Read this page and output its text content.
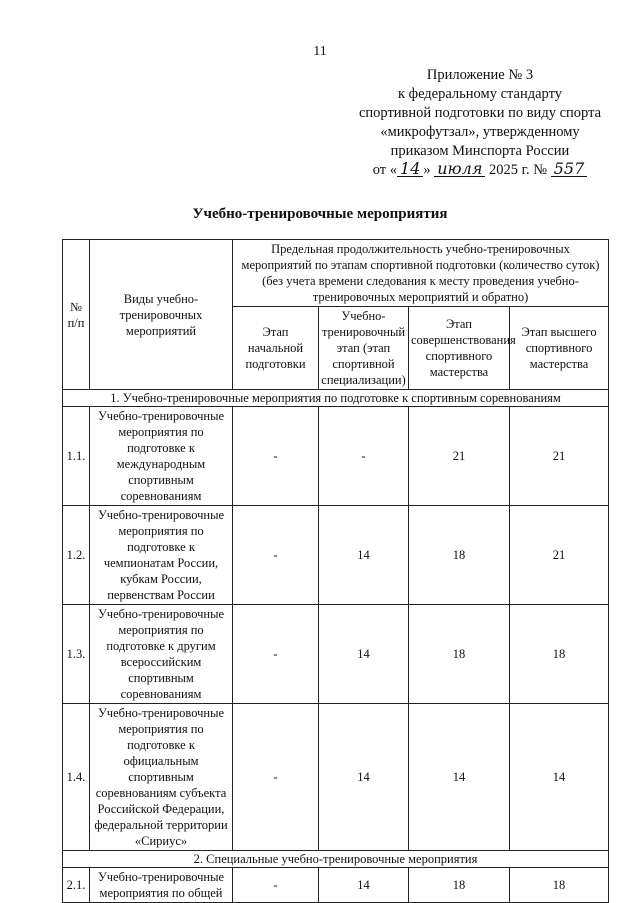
11
Приложение № 3
к федеральному стандарту
спортивной подготовки по виду спорта
«микрофутзал», утвержденному
приказом Минспорта России
от « 14 » июля 2025 г. № 557
Учебно-тренировочные мероприятия
№ п/п	Виды учебно-тренировочных мероприятий	Предельная продолжительность учебно-тренировочных мероприятий по этапам спортивной подготовки (количество суток) (без учета времени следования к месту проведения учебно-тренировочных мероприятий и обратно)			
		Этап начальной подготовки	Учебно-тренировочный этап (этап спортивной специализации)	Этап совершенствования спортивного мастерства	Этап высшего спортивного мастерства
1. Учебно-тренировочные мероприятия по подготовке к спортивным соревнованиям					
1.1.	Учебно-тренировочные мероприятия по подготовке к международным спортивным соревнованиям	-	-	21	21
1.2.	Учебно-тренировочные мероприятия по подготовке к чемпионатам России, кубкам России, первенствам России	-	14	18	21
1.3.	Учебно-тренировочные мероприятия по подготовке к другим всероссийским спортивным соревнованиям	-	14	18	18
1.4.	Учебно-тренировочные мероприятия по подготовке к официальным спортивным соревнованиям субъекта Российской Федерации, федеральной территории «Сириус»	-	14	14	14
2. Специальные учебно-тренировочные мероприятия					
2.1.	Учебно-тренировочные мероприятия по общей	-	14	18	18
